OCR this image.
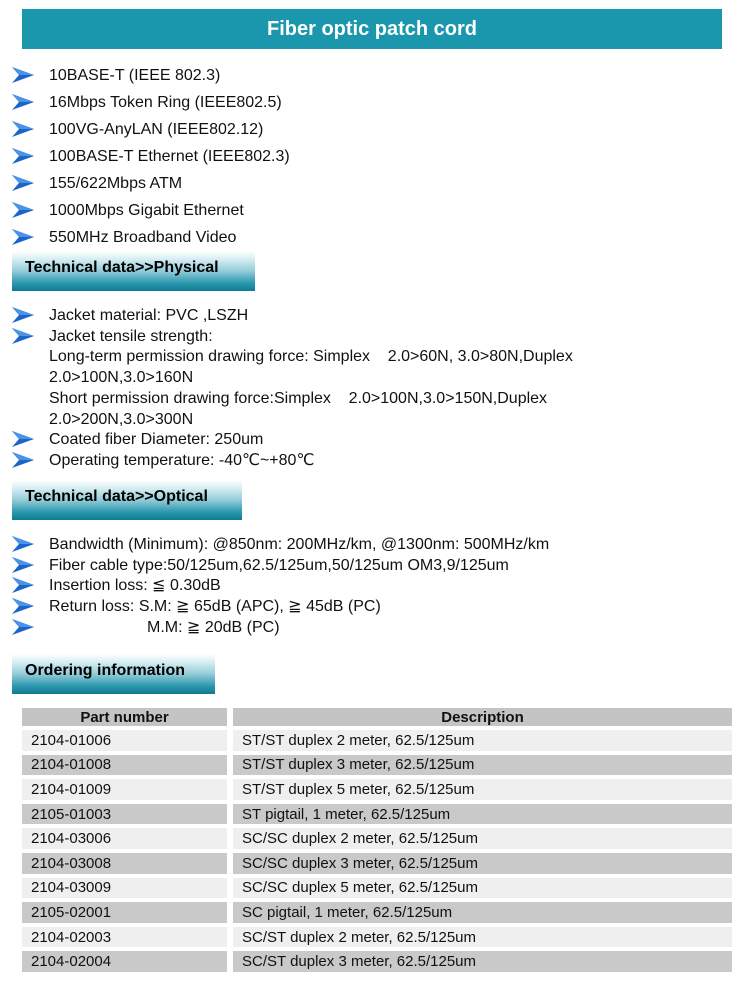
Fiber optic patch cord
10BASE-T (IEEE 802.3)
16Mbps Token Ring (IEEE802.5)
100VG-AnyLAN (IEEE802.12)
100BASE-T Ethernet (IEEE802.3)
155/622Mbps ATM
1000Mbps Gigabit Ethernet
550MHz Broadband Video
Technical data>>Physical
Jacket material: PVC ,LSZH
Jacket tensile strength:
Long-term permission drawing force: Simplex    2.0>60N, 3.0>80N,Duplex
2.0>100N,3.0>160N
Short permission drawing force:Simplex    2.0>100N,3.0>150N,Duplex
2.0>200N,3.0>300N
Coated fiber Diameter: 250um
Operating temperature: -40℃~+80℃
Technical data>>Optical
Bandwidth (Minimum): @850nm: 200MHz/km, @1300nm: 500MHz/km
Fiber cable type:50/125um,62.5/125um,50/125um OM3,9/125um
Insertion loss: ≦ 0.30dB
Return loss: S.M: ≧ 65dB (APC), ≧ 45dB (PC)
M.M: ≧ 20dB (PC)
Ordering information
Part number		Description
2104-01006		ST/ST duplex 2 meter, 62.5/125um
2104-01008		ST/ST duplex 3 meter, 62.5/125um
2104-01009		ST/ST duplex 5 meter, 62.5/125um
2105-01003		ST pigtail, 1 meter, 62.5/125um
2104-03006		SC/SC duplex 2 meter, 62.5/125um
2104-03008		SC/SC duplex 3 meter, 62.5/125um
2104-03009		SC/SC duplex 5 meter, 62.5/125um
2105-02001		SC pigtail, 1 meter, 62.5/125um
2104-02003		SC/ST duplex 2 meter, 62.5/125um
2104-02004		SC/ST duplex 3 meter, 62.5/125um
